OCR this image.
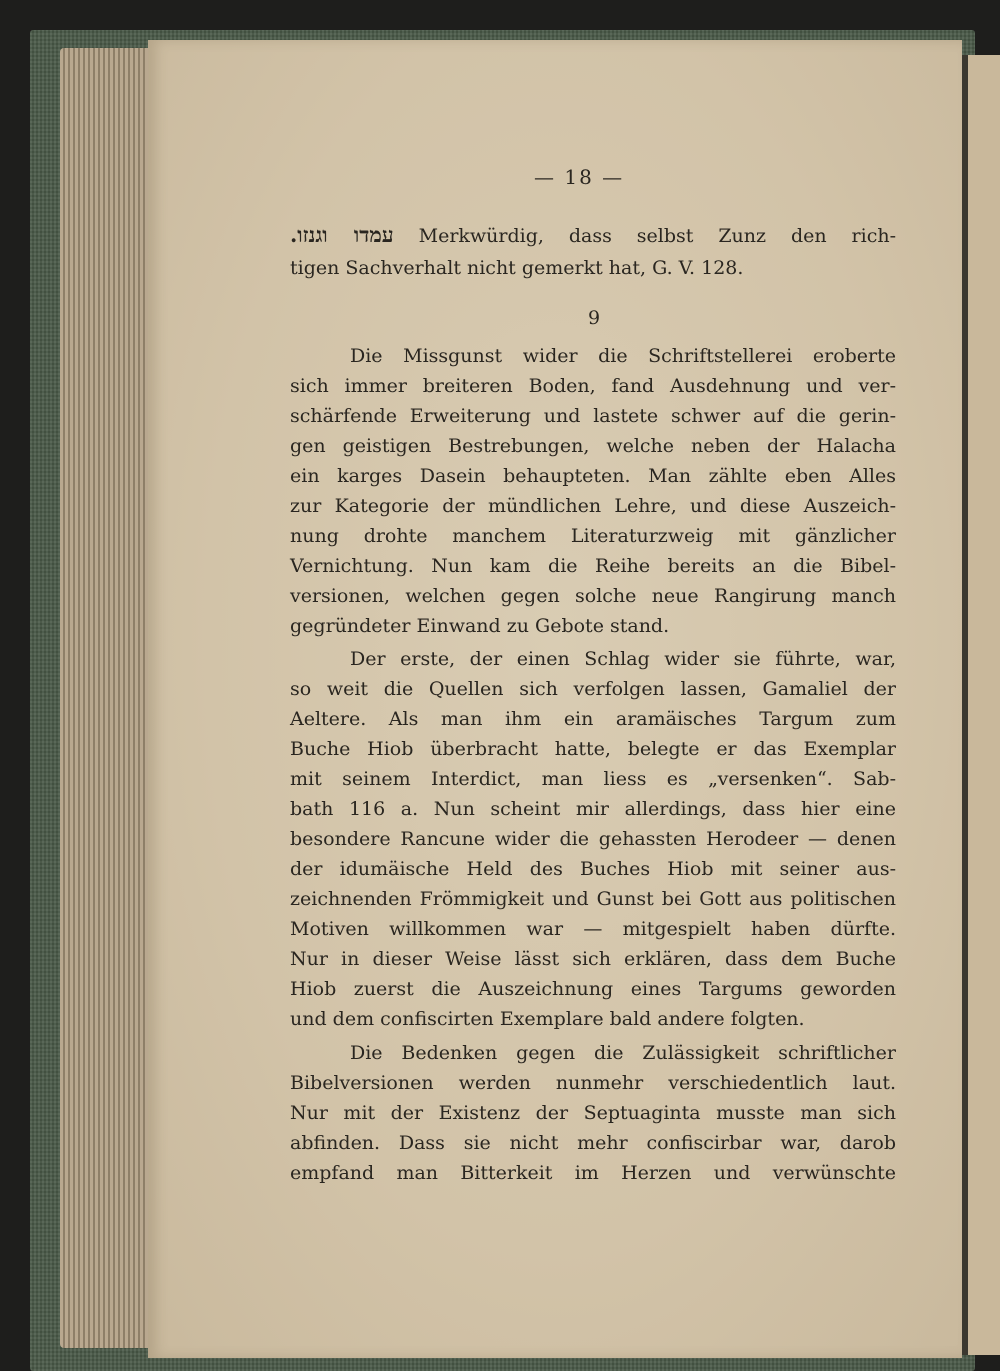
— 18 —
עמדו וגנזו. Merkwürdig, dass selbst Zunz den rich-
tigen Sachverhalt nicht gemerkt hat, G. V. 128.
9
Die Missgunst wider die Schriftstellerei eroberte
sich immer breiteren Boden, fand Ausdehnung und ver-
schärfende Erweiterung und lastete schwer auf die gerin-
gen geistigen Bestrebungen, welche neben der Halacha
ein karges Dasein behaupteten. Man zählte eben Alles
zur Kategorie der mündlichen Lehre, und diese Auszeich-
nung drohte manchem Literaturzweig mit gänzlicher
Vernichtung. Nun kam die Reihe bereits an die Bibel-
versionen, welchen gegen solche neue Rangirung manch
gegründeter Einwand zu Gebote stand.
Der erste, der einen Schlag wider sie führte, war,
so weit die Quellen sich verfolgen lassen, Gamaliel der
Aeltere. Als man ihm ein aramäisches Targum zum
Buche Hiob überbracht hatte, belegte er das Exemplar
mit seinem Interdict, man liess es „versenken“. Sab-
bath 116 a. Nun scheint mir allerdings, dass hier eine
besondere Rancune wider die gehassten Herodeer — denen
der idumäische Held des Buches Hiob mit seiner aus-
zeichnenden Frömmigkeit und Gunst bei Gott aus politischen
Motiven willkommen war — mitgespielt haben dürfte.
Nur in dieser Weise lässt sich erklären, dass dem Buche
Hiob zuerst die Auszeichnung eines Targums geworden
und dem confiscirten Exemplare bald andere folgten.
Die Bedenken gegen die Zulässigkeit schriftlicher
Bibelversionen werden nunmehr verschiedentlich laut.
Nur mit der Existenz der Septuaginta musste man sich
abfinden. Dass sie nicht mehr confiscirbar war, darob
empfand man Bitterkeit im Herzen und verwünschte
